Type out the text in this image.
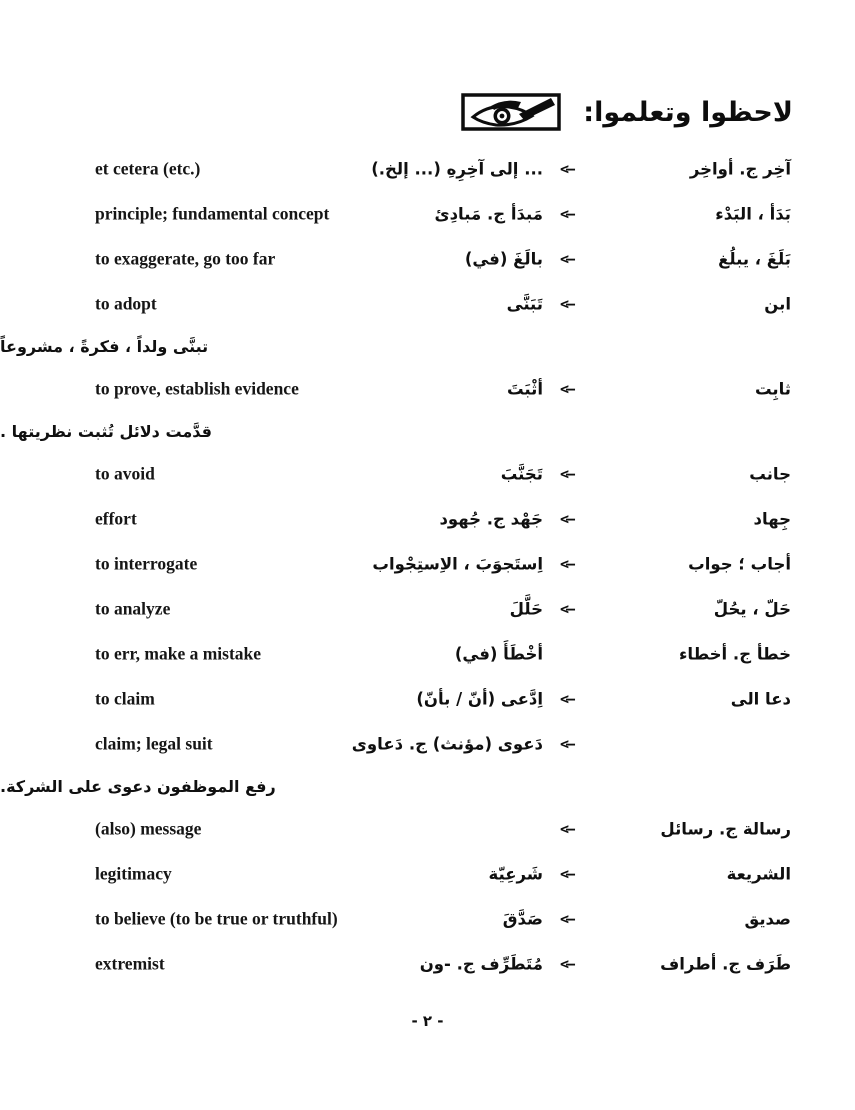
لاحظوا وتعلموا:
et cetera (etc.)	... إلى آخِرِهِ (... إلخ.)	<—	آخِر ج. أواخِر
principle; fundamental concept	مَبدَأ ج. مَبادِئ	<—	بَدَأ ، البَدْء
to exaggerate, go too far	بالَغَ (في)	<—	بَلَغَ ، يبلُغ
to adopt	تَبَنَّى	<—	ابن
تبنَّى ولداً ، فكرةً ، مشروعاً
to prove, establish evidence	أثْبَتَ	<—	ثابِت
قدَّمت دلائل تُثبت نظريتها .
to avoid	تَجَنَّبَ	<—	جانب
effort	جَهْد ج. جُهود	<—	جِهاد
to interrogate	اِستَجوَبَ ، الاِستِجْواب	<—	أجاب ؛ جواب
to analyze	حَلَّلَ	<—	حَلّ ، يحُلّ
to err, make a mistake	أخْطَأَ (في)	خطأ ج. أخطاء
to claim	اِدَّعى (أنّ / بأنّ)	<—	دعا الى
claim; legal suit	دَعوى (مؤنث) ج. دَعاوى	<—
رفع الموظفون دعوى على الشركة.
(also) message	<—	رسالة ج. رسائل
legitimacy	شَرعِيّة	<—	الشريعة
to believe (to be true or truthful)	صَدَّقَ	<—	صديق
extremist	مُتَطَرِّف ج. -ون	<—	طَرَف ج. أطراف
- ٢ -
